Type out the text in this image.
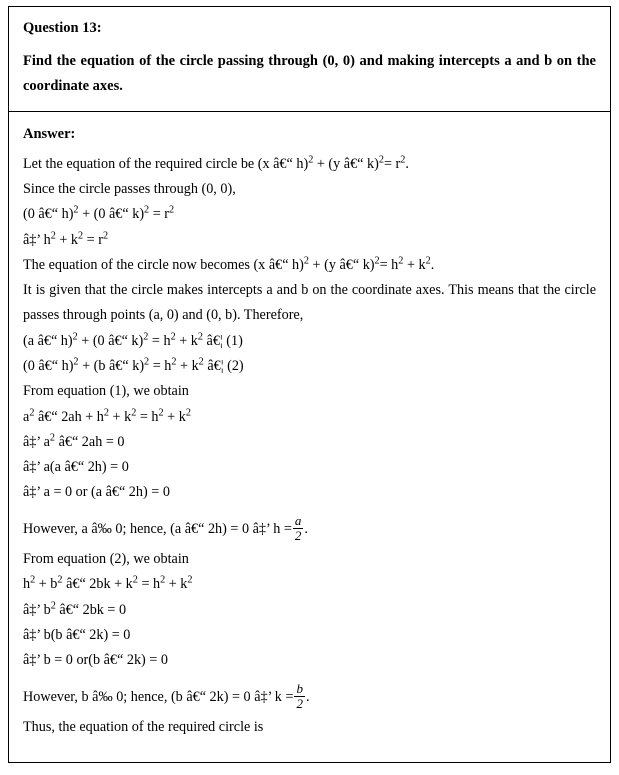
Question 13:

Find the equation of the circle passing through (0, 0) and making intercepts a and b on the coordinate axes.

Answer:

Let the equation of the required circle be (x â€“ h)$^2$ + (y â€“ $k)^2= r^2$.

Since the circle passes through (0, 0),

(0 â€“ h)$^2$ + (0 â€“ $k)^2 = r^2$

â‡’ $h^2 + k^2 = r^2$

The equation of the circle now becomes (x â€“ h)$^2$ + (y â€“ $k)^2= h^2 + k^2$.

It is given that the circle makes intercepts a and b on the coordinate axes. This means that the circle passes through points (a, 0) and (0, b). Therefore,

(a â€“ h)$^2$ + (0 â€“ $k)^2 = h^2 + k^2$ â€¦ (1)

(0 â€“ h)$^2$ + (b â€“ $k)^2 = h^2 + k^2$ â€¦ (2)

From equation (1), we obtain

$a^2$ â€“ $2ah + h^2 + k^2 = h^2 + k^2$

â‡’ $a^2$ â€“ 2ah = 0

â‡’ a(a â€“ 2h) = 0

â‡’ a = 0 or (a â€“ 2h) = 0

However, a â‰ 0; hence, (a â€“ 2h) = 0 â‡’ $h = \frac{a}{2}$ .

From equation (2), we obtain

$h^2 + b^2$ â€“ $2bk + k^2 = h^2 + k^2$

â‡’ $b^2$ â€“ 2bk = 0

â‡’ b(b â€“ 2k) = 0

â‡’ b = 0 or(b â€“ 2k) = 0

However, b â‰ 0; hence, (b â€“ 2k) = 0 â‡’ $k = \frac{b}{2}$ .

Thus, the equation of the required circle is
